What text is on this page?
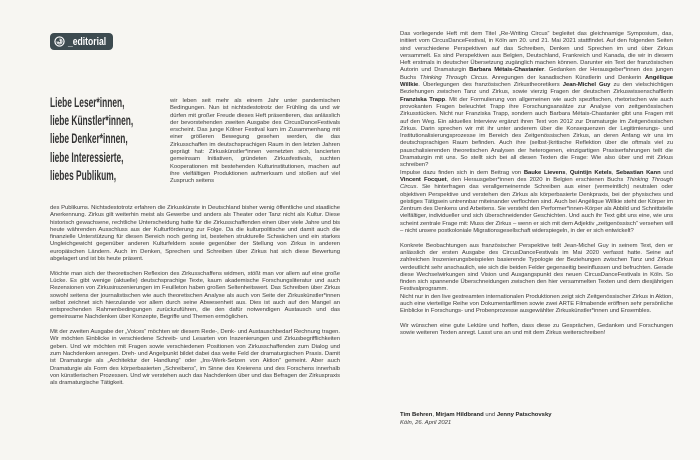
_editorial
Liebe Leser*innen,
liebe Künstler*innen,
liebe Denker*innen,
liebe Interessierte,
liebes Publikum,
wir leben seit mehr als einem Jahr unter pandemischen Bedingungen. Nun ist nichtsdestotrotz der Frühling da und wir dürfen mit großer Freude dieses Heft präsentieren, das anlässlich der bevorstehenden zweiten Ausgabe des CircusDanceFestivals erscheint. Das junge Kölner Festival kam im Zusammenhang mit einer größeren Bewegung gesehen werden, die das Zirkusschaffen im deutschsprachigen Raum in den letzten Jahren geprägt hat: Zirkuskünstler*innen vernetzten sich, lancierten gemeinsam Initiativen, gründeten Zirkusfestivals, suchten Kooperationen mit bestehenden Kulturinstitutionen, machen auf ihre vielfältigen Produktionen aufmerksam und stoßen auf viel Zuspruch seitens

des Publikums. Nichtsdestotrotz erfahren die Zirkuskünste in Deutschland bisher wenig öffentliche und staatliche Anerkennung. Zirkus gilt weiterhin meist als Gewerbe und anders als Theater oder Tanz nicht als Kultur. Diese historisch gewachsene, rechtliche Unterscheidung hatte für die Zirkusschaffenden einen über viele Jahre und bis heute währenden Ausschluss aus der Kulturförderung zur Folge. Da die kulturpolitische und damit auch die finanzielle Unterstützung für diesen Bereich noch gering ist, bestehen strukturelle Schwächen und ein starkes Ungleichgewicht gegenüber anderen Kulturfeldern sowie gegenüber der Stellung von Zirkus in anderen europäischen Ländern. Auch im Denken, Sprechen und Schreiben über Zirkus hat sich diese Bewertung abgelagert und ist bis heute präsent.

Möchte man sich der theoretischen Reflexion des Zirkusschaffens widmen, stößt man vor allem auf eine große Lücke. Es gibt wenige (aktuelle) deutschsprachige Texte, kaum akademische Forschungsliteratur und auch Rezensionen von Zirkusinszenierungen im Feuilleton haben großen Seltenheitswert. Das Schreiben über Zirkus sowohl seitens der journalistischen wie auch theoretischen Analyse als auch von Seite der Zirkuskünstler*innen selbst zeichnet sich hierzulande vor allem durch seine Abwesenheit aus. Dies ist auch auf den Mangel an entsprechenden Rahmenbedingungen zurückzuführen, die den dafür notwendigen Austausch und das gemeinsame Nachdenken über Konzepte, Begriffe und Themen ermöglichen.

Mit der zweiten Ausgabe der „Voices“ möchten wir diesem Rede-, Denk- und Austauschbedarf Rechnung tragen. Wir möchten Einblicke in verschiedene Schreib- und Lesarten von Inszenierungen und Zirkusbegrifflichkeiten geben. Und wir möchten mit Fragen sowie verschiedenen Positionen von Zirkusschaffenden zum Dialog und zum Nachdenken anregen. Dreh- und Angelpunkt bildet dabei das weite Feld der dramaturgischen Praxis. Damit ist Dramaturgie als „Architektur der Handlung“ oder „Ins-Werk-Setzen von Aktion“ gemeint. Aber auch Dramaturgie als Form des körperbasierten „Schreibens“, im Sinne des Kreierens und des Forschens innerhalb von künstlerischen Prozessen. Und wir verstehen auch das Nachdenken über und das Befragen der Zirkuspraxis als dramaturgische Tätigkeit.

Das vorliegende Heft mit dem Titel „Re-Writing Circus“ begleitet das gleichnamige Symposium, das, initiiert vom CircusDanceFestival, in Köln am 20. und 21. Mai 2021 stattfindet. Auf den folgenden Seiten sind verschiedene Perspektiven auf das Schreiben, Denken und Sprechen im und über Zirkus versammelt. Es sind Perspektiven aus Belgien, Deutschland, Frankreich und Kanada, die wir in diesem Heft erstmals in deutscher Übersetzung zugänglich machen können. Darunter ein Text der französischen Autorin und Dramaturgin Barbara Métais-Chastanier. Gedanken der Herausgeber*innen des jungen Buchs Thinking Through Circus. Anregungen der kanadischen Künstlerin und Denkerin Angélique Willkie. Überlegungen des französischen Zirkustheoretikers Jean-Michel Guy zu den vielschichtigen Beziehungen zwischen Tanz und Zirkus, sowie vierzig Fragen der deutschen Zirkuswissenschaftlerin Franziska Trapp. Mit der Formulierung von allgemeinen wie auch spezifischen, rhetorischen wie auch provokanten Fragen beleuchtet Trapp ihre Forschungsansätze zur Analyse von zeitgenössischen Zirkusstücken. Nicht nur Franziska Trapp, sondern auch Barbara Métais-Chastanier gibt uns Fragen mit auf den Weg. Ein aktuelles Interview ergänzt ihren Text von 2012 zur Dramaturgie im Zeitgenössischen Zirkus. Darin sprechen wir mit ihr unter anderem über die Konsequenzen der Legitimierungs- und Institutionalisierungsprozesse im Bereich des Zeitgenössischen Zirkus, an deren Anfang wir uns im deutschsprachigen Raum befinden. Auch ihre (selbst-)kritische Reflektion über die oftmals viel zu pauschalisierenden theoretischen Analysen der heterogenen, einzigartigen Praxiserfahrungen teilt die Dramaturgin mit uns. So stellt sich bei all diesen Texten die Frage: Wie also über und mit Zirkus schreiben?

Impulse dazu finden sich in dem Beitrag von Bauke Lievens, Quintijn Ketels, Sebastian Kann und Vincent Focquet, den Herausgeber*innen des 2020 in Belgien erschienen Buchs Thinking Through Circus. Sie hinterfragen das verallgemeinernde Schreiben aus einer (vermeintlich) neutralen oder objektiven Perspektive und verstehen den Zirkus als körperbasierte Denkpraxis, bei der physisches und geistiges Tätigsein untrennbar miteinander verflochten sind. Auch bei Angélique Willkie steht der Körper im Zentrum des Denkens und Arbeitens. Sie versteht den Performer*innen-Körper als Abbild und Schnittstelle vielfältiger, individueller und sich überschneidender Geschichten. Und auch ihr Text gibt uns eine, wie uns scheint zentrale Frage mit: Muss der Zirkus – wenn er sich mit dem Adjektiv „zeitgenössisch“ versehen will – nicht unsere postkoloniale Migrationsgesellschaft widerspiegeln, in der er sich entwickelt?

Konkrete Beobachtungen aus französischer Perspektive teilt Jean-Michel Guy in seinem Text, den er anlässlich der ersten Ausgabe des CircusDanceFestivals im Mai 2020 verfasst hatte. Seine auf zahlreichen Inszenierungsbeispielen basierende Typologie der Beziehungen zwischen Tanz und Zirkus verdeutlicht sehr anschaulich, wie sich die beiden Felder gegenseitig beeinflussen und befruchten. Gerade diese Wechselwirkungen sind Vision und Ausgangspunkt des neuen CircusDanceFestivals in Köln. So finden sich spannende Überschneidungen zwischen den hier versammelten Texten und dem diesjährigen Festivalprogramm.

Nicht nur in den live gestreamten internationalen Produktionen zeigt sich Zeitgenössischer Zirkus in Aktion, auch eine vierteilige Reihe von Dokumentarfilmen sowie zwei ARTE Filmabende eröffnen sehr persönliche Einblicke in Forschungs- und Probenprozesse ausgewählter Zirkuskünstler*innen und Ensembles.

Wir wünschen eine gute Lektüre und hoffen, dass diese zu Gesprächen, Gedanken und Forschungen sowie weiteren Texten anregt. Lasst uns an und mit dem Zirkus weiterschreiben!

Tim Behren, Mirjam Hildbrand und Jenny Patschovsky
Köln, 26. April 2021
